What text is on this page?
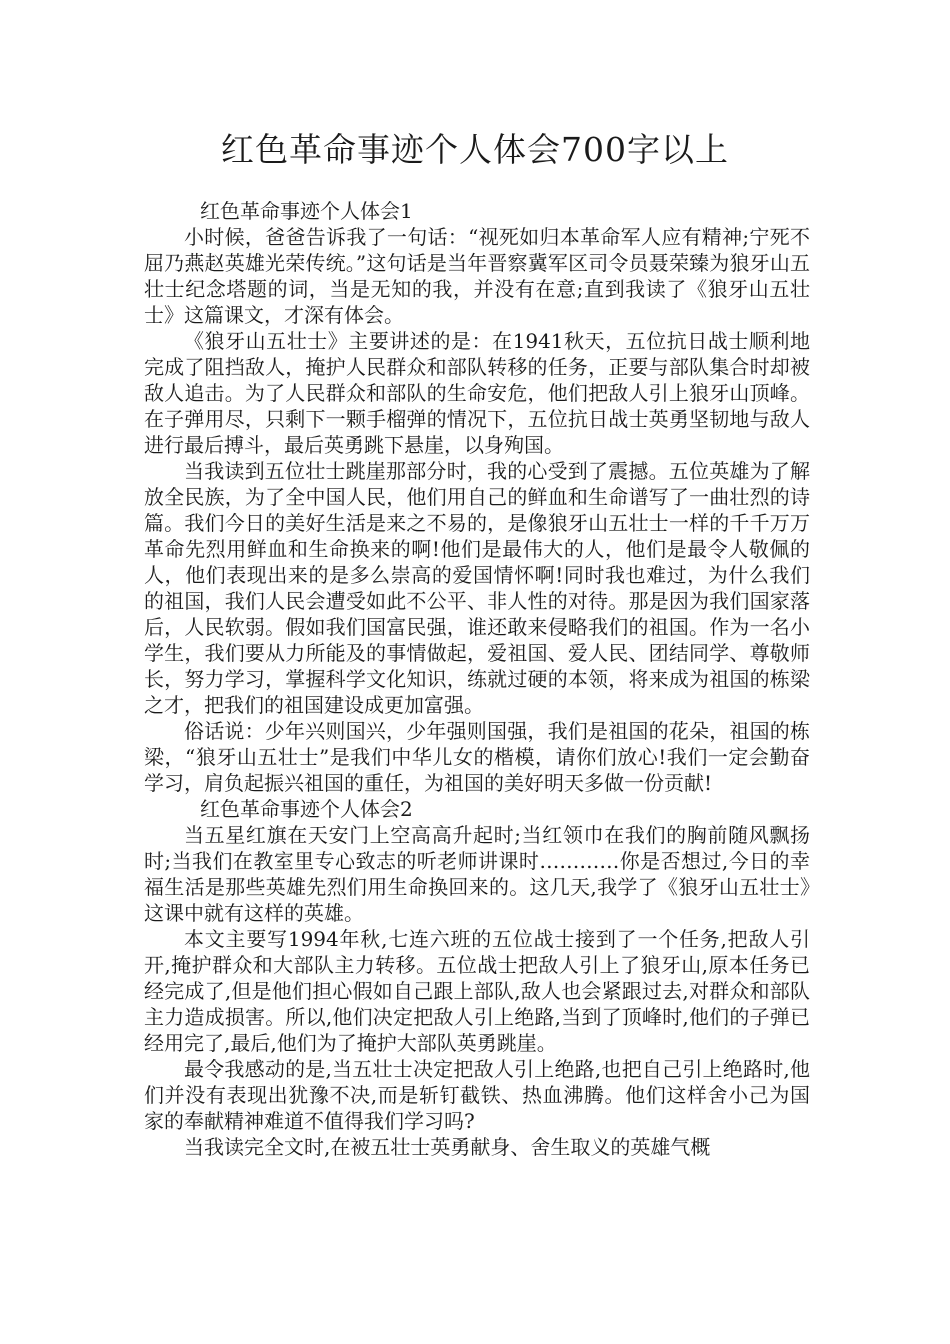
红色革命事迹个人体会700字以上

红色革命事迹个人体会1

小时候，爸爸告诉我了一句话：“视死如归本革命军人应有精神;宁死不屈乃燕赵英雄光荣传统。”这句话是当年晋察冀军区司令员聂荣臻为狼牙山五壮士纪念塔题的词，当是无知的我，并没有在意;直到我读了《狼牙山五壮士》这篇课文，才深有体会。

《狼牙山五壮士》主要讲述的是：在1941秋天，五位抗日战士顺利地完成了阻挡敌人，掩护人民群众和部队转移的任务，正要与部队集合时却被敌人追击。为了人民群众和部队的生命安危，他们把敌人引上狼牙山顶峰。在子弹用尽，只剩下一颗手榴弹的情况下，五位抗日战士英勇坚韧地与敌人进行最后搏斗，最后英勇跳下悬崖，以身殉国。

当我读到五位壮士跳崖那部分时，我的心受到了震撼。五位英雄为了解放全民族，为了全中国人民，他们用自己的鲜血和生命谱写了一曲壮烈的诗篇。我们今日的美好生活是来之不易的，是像狼牙山五壮士一样的千千万万革命先烈用鲜血和生命换来的啊!他们是最伟大的人，他们是最令人敬佩的人，他们表现出来的是多么崇高的爱国情怀啊!同时我也难过，为什么我们的祖国，我们人民会遭受如此不公平、非人性的对待。那是因为我们国家落后，人民软弱。假如我们国富民强，谁还敢来侵略我们的祖国。作为一名小学生，我们要从力所能及的事情做起，爱祖国、爱人民、团结同学、尊敬师长，努力学习，掌握科学文化知识，练就过硬的本领，将来成为祖国的栋梁之才，把我们的祖国建设成更加富强。

俗话说：少年兴则国兴，少年强则国强，我们是祖国的花朵，祖国的栋梁，“狼牙山五壮士”是我们中华儿女的楷模，请你们放心!我们一定会勤奋学习，肩负起振兴祖国的重任，为祖国的美好明天多做一份贡献!

红色革命事迹个人体会2

当五星红旗在天安门上空高高升起时;当红领巾在我们的胸前随风飘扬时;当我们在教室里专心致志的听老师讲课时…………你是否想过,今日的幸福生活是那些英雄先烈们用生命换回来的。这几天,我学了《狼牙山五壮士》这课中就有这样的英雄。

本文主要写1994年秋,七连六班的五位战士接到了一个任务,把敌人引开,掩护群众和大部队主力转移。五位战士把敌人引上了狼牙山,原本任务已经完成了,但是他们担心假如自己跟上部队,敌人也会紧跟过去,对群众和部队主力造成损害。所以,他们决定把敌人引上绝路,当到了顶峰时,他们的子弹已经用完了,最后,他们为了掩护大部队英勇跳崖。

最令我感动的是,当五壮士决定把敌人引上绝路,也把自己引上绝路时,他们并没有表现出犹豫不决,而是斩钉截铁、热血沸腾。他们这样舍小己为国家的奉献精神难道不值得我们学习吗?

当我读完全文时,在被五壮士英勇献身、舍生取义的英雄气概
